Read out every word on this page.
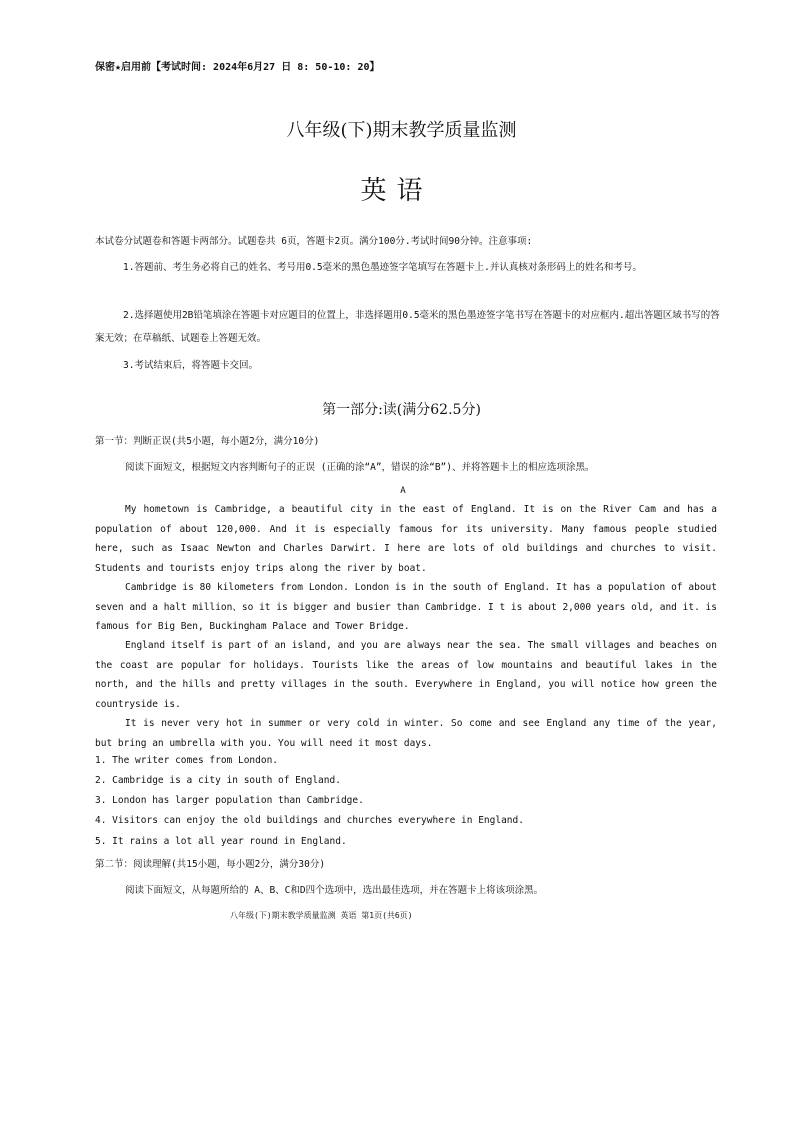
保密★启用前【考试时间: 2024年6月27 日 8: 50-10: 20】
八年级(下)期末教学质量监测
英语
本试卷分试题卷和答题卡两部分。试题卷共 6页，答题卡2页。满分100分.考试时间90分钟。注意事项:
1.答题前、考生务必将自己的姓名、考号用0.5毫米的黑色墨迹签字笔填写在答题卡上.并认真核对条形码上的姓名和考号。
2.选择题使用2B铅笔填涂在答题卡对应题目的位置上，非选择题用0.5毫米的黑色墨迹签字笔书写在答题卡的对应框内.超出答题区域书写的答案无效；在草稿纸、试题卷上答题无效。
3.考试结束后，将答题卡交回。
第一部分:读(满分62.5分)
第一节：判断正误(共5小题，每小题2分，满分10分)
阅读下面短文，根据短文内容判断句子的正误 (正确的涂“A”，错误的涂“B”)、并将答题卡上的相应选项涂黑。
A
My hometown is Cambridge, a beautiful city in the east of England. It is on the River Cam and has a population of about 120,000. And it is especially famous for its university. Many famous people studied here, such as Isaac Newton and Charles Darwirt. I here are lots of old buildings and churches to visit. Students and tourists enjoy trips along the river by boat.
Cambridge is 80 kilometers from London. London is in the south of England. It has a population of about seven and a halt million、so it is bigger and busier than Cambridge. I t is about 2,000 years old, and it. is famous for Big Ben, Buckingham Palace and Tower Bridge.
England itself is part of an island, and you are always near the sea. The small villages and beaches on the coast are popular for holidays. Tourists like the areas of low mountains and beautiful lakes in the north, and the hills and pretty villages in the south. Everywhere in England, you will notice how green the countryside is.
It is never very hot in summer or very cold in winter. So come and see England any time of the year, but bring an umbrella with you. You will need it most days.
1. The writer comes from London.
2. Cambridge is a city in south of England.
3. London has larger population than Cambridge.
4. Visitors can enjoy the old buildings and churches everywhere in England.
5. It rains a lot all year round in England.
第二节：阅读理解(共15小题，每小题2分，满分30分)
阅读下面短文，从每题所给的 A、B、C和D四个选项中，选出最佳选项，并在答题卡上将该项涂黑。
八年级(下)期末教学质量监测 英语 第1页(共6页)
